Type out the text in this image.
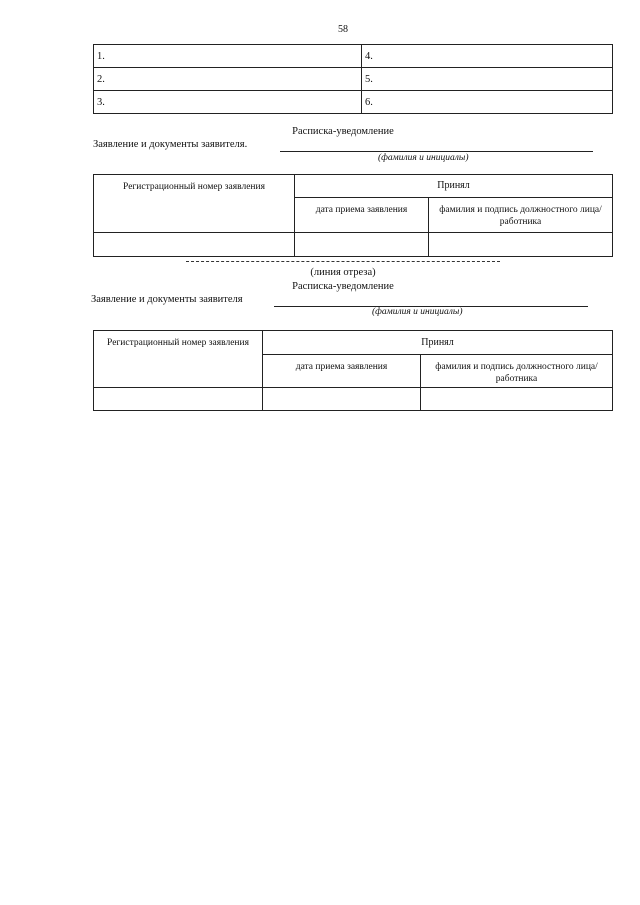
58
1.	4.
2.	5.
3.	6.
Расписка-уведомление
Заявление и документы заявителя.
(фамилия и инициалы)
Регистрационный номер заявления	Принял	
	дата приема заявления	фамилия и подпись должностного лица/работника

(линия отреза)
Расписка-уведомление
Заявление и документы заявителя
(фамилия и инициалы)
Регистрационный номер заявления	Принял	
	дата приема заявления	фамилия и подпись должностного лица/работника
